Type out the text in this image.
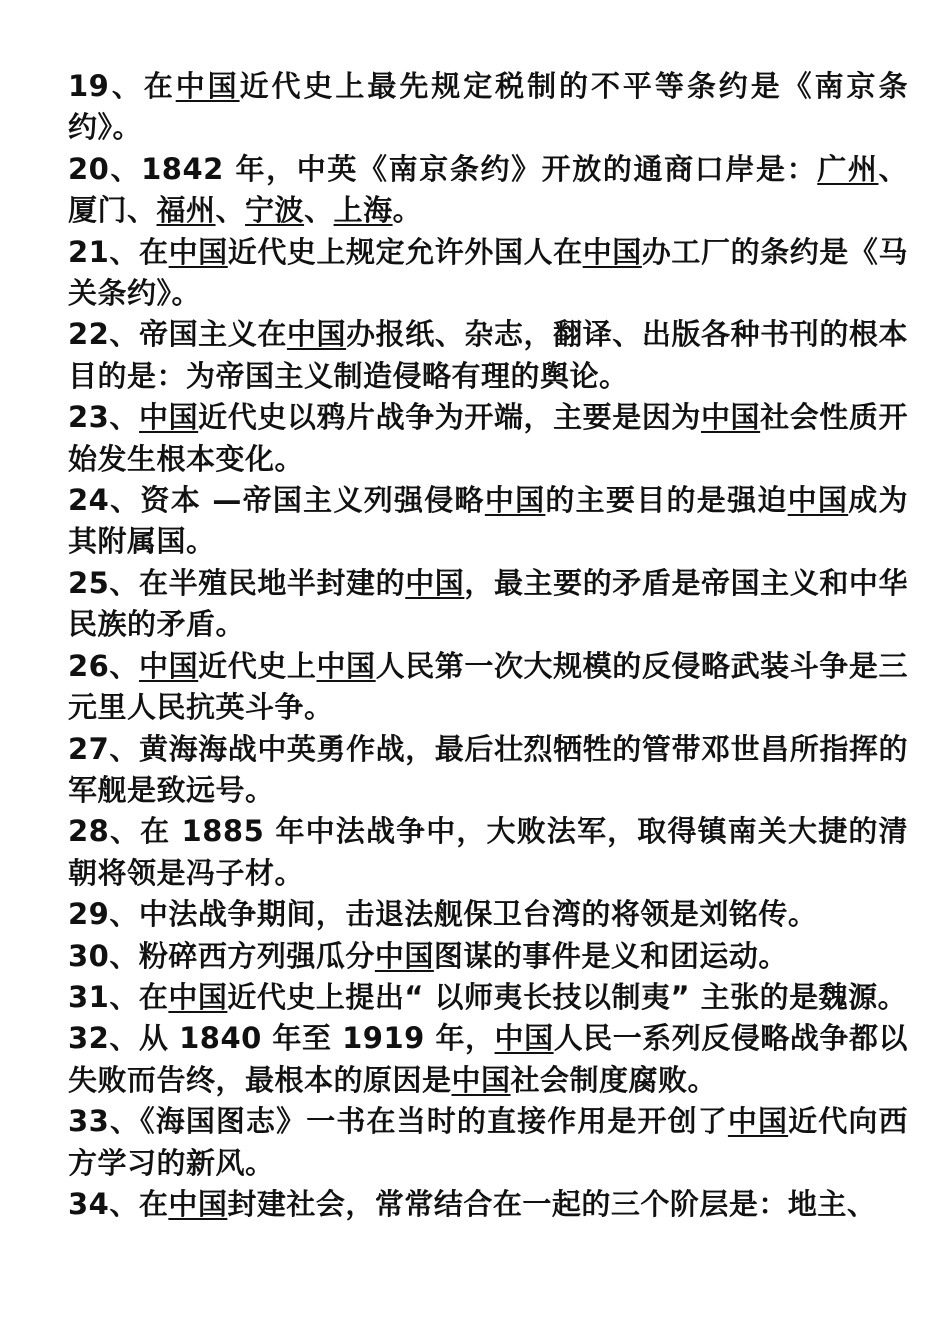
19、在中国近代史上最先规定税制的不平等条约是《南京条约》。

20、1842 年，中英《南京条约》开放的通商口岸是：广州、厦门、福州、宁波、上海。

21、在中国近代史上规定允许外国人在中国办工厂的条约是《马关条约》。

22、帝国主义在中国办报纸、杂志，翻译、出版各种书刊的根本目的是：为帝国主义制造侵略有理的舆论。

23、中国近代史以鸦片战争为开端，主要是因为中国社会性质开始发生根本变化。

24、资本 —帝国主义列强侵略中国的主要目的是强迫中国成为其附属国。

25、在半殖民地半封建的中国，最主要的矛盾是帝国主义和中华民族的矛盾。

26、中国近代史上中国人民第一次大规模的反侵略武装斗争是三元里人民抗英斗争。

27、黄海海战中英勇作战，最后壮烈牺牲的管带邓世昌所指挥的军舰是致远号。

28、在 1885 年中法战争中，大败法军，取得镇南关大捷的清朝将领是冯子材。

29、中法战争期间，击退法舰保卫台湾的将领是刘铭传。

30、粉碎西方列强瓜分中国图谋的事件是义和团运动。

31、在中国近代史上提出“ 以师夷长技以制夷” 主张的是魏源。

32、从 1840 年至 1919 年，中国人民一系列反侵略战争都以失败而告终，最根本的原因是中国社会制度腐败。

33、《海国图志》一书在当时的直接作用是开创了中国近代向西方学习的新风。

34、在中国封建社会，常常结合在一起的三个阶层是：地主、
